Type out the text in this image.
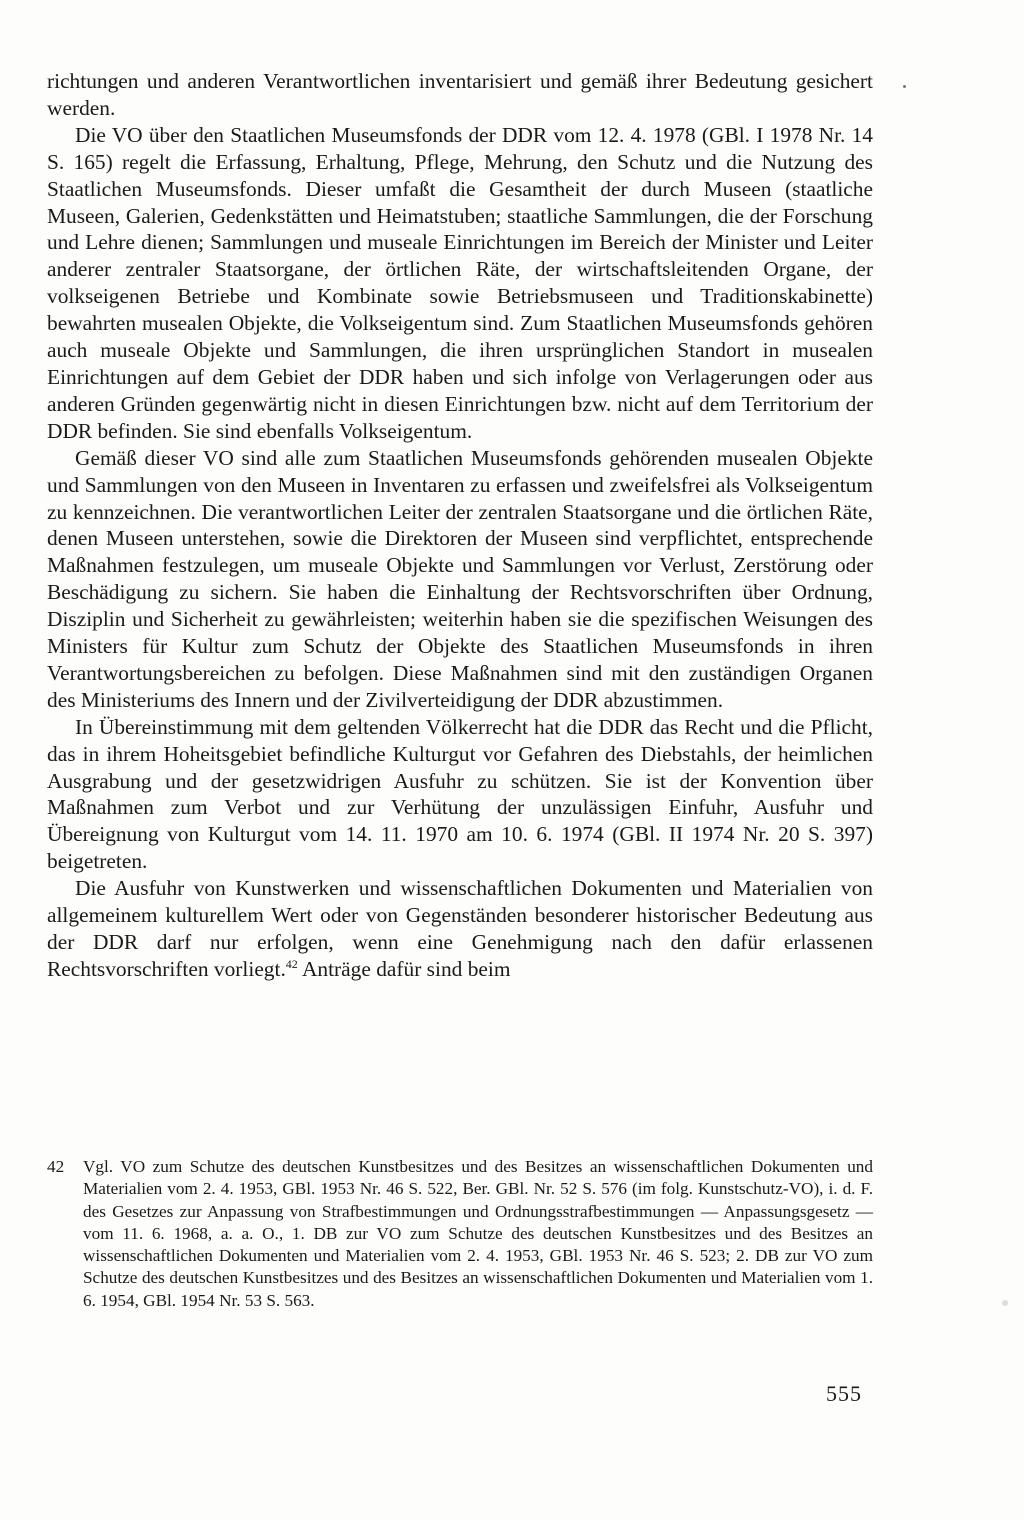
richtungen und anderen Verantwortlichen inventarisiert und gemäß ihrer Bedeutung gesichert werden.

Die VO über den Staatlichen Museumsfonds der DDR vom 12. 4. 1978 (GBl. I 1978 Nr. 14 S. 165) regelt die Erfassung, Erhaltung, Pflege, Mehrung, den Schutz und die Nutzung des Staatlichen Museumsfonds. Dieser umfaßt die Gesamtheit der durch Museen (staatliche Museen, Galerien, Gedenkstätten und Heimatstuben; staatliche Sammlungen, die der Forschung und Lehre dienen; Sammlungen und museale Einrichtungen im Bereich der Minister und Leiter anderer zentraler Staatsorgane, der örtlichen Räte, der wirtschaftsleitenden Organe, der volkseigenen Betriebe und Kombinate sowie Betriebsmuseen und Traditionskabinette) bewahrten musealen Objekte, die Volkseigentum sind. Zum Staatlichen Museumsfonds gehören auch museale Objekte und Sammlungen, die ihren ursprünglichen Standort in musealen Einrichtungen auf dem Gebiet der DDR haben und sich infolge von Verlagerungen oder aus anderen Gründen gegenwärtig nicht in diesen Einrichtungen bzw. nicht auf dem Territorium der DDR befinden. Sie sind ebenfalls Volkseigentum.

Gemäß dieser VO sind alle zum Staatlichen Museumsfonds gehörenden musealen Objekte und Sammlungen von den Museen in Inventaren zu erfassen und zweifelsfrei als Volkseigentum zu kennzeichnen. Die verantwortlichen Leiter der zentralen Staatsorgane und die örtlichen Räte, denen Museen unterstehen, sowie die Direktoren der Museen sind verpflichtet, entsprechende Maßnahmen festzulegen, um museale Objekte und Sammlungen vor Verlust, Zerstörung oder Beschädigung zu sichern. Sie haben die Einhaltung der Rechtsvorschriften über Ordnung, Disziplin und Sicherheit zu gewährleisten; weiterhin haben sie die spezifischen Weisungen des Ministers für Kultur zum Schutz der Objekte des Staatlichen Museumsfonds in ihren Verantwortungsbereichen zu befolgen. Diese Maßnahmen sind mit den zuständigen Organen des Ministeriums des Innern und der Zivilverteidigung der DDR abzustimmen.

In Übereinstimmung mit dem geltenden Völkerrecht hat die DDR das Recht und die Pflicht, das in ihrem Hoheitsgebiet befindliche Kulturgut vor Gefahren des Diebstahls, der heimlichen Ausgrabung und der gesetzwidrigen Ausfuhr zu schützen. Sie ist der Konvention über Maßnahmen zum Verbot und zur Verhütung der unzulässigen Einfuhr, Ausfuhr und Übereignung von Kulturgut vom 14. 11. 1970 am 10. 6. 1974 (GBl. II 1974 Nr. 20 S. 397) beigetreten.

Die Ausfuhr von Kunstwerken und wissenschaftlichen Dokumenten und Materialien von allgemeinem kulturellem Wert oder von Gegenständen besonderer historischer Bedeutung aus der DDR darf nur erfolgen, wenn eine Genehmigung nach den dafür erlassenen Rechtsvorschriften vorliegt.$^{42}$ Anträge dafür sind beim

42 Vgl. VO zum Schutze des deutschen Kunstbesitzes und des Besitzes an wissenschaftlichen Dokumenten und Materialien vom 2. 4. 1953, GBl. 1953 Nr. 46 S. 522, Ber. GBl. Nr. 52 S. 576 (im folg. Kunstschutz-VO), i. d. F. des Gesetzes zur Anpassung von Strafbestimmungen und Ordnungsstrafbestimmungen — Anpassungsgesetz — vom 11. 6. 1968, a. a. O., 1. DB zur VO zum Schutze des deutschen Kunstbesitzes und des Besitzes an wissenschaftlichen Dokumenten und Materialien vom 2. 4. 1953, GBl. 1953 Nr. 46 S. 523; 2. DB zur VO zum Schutze des deutschen Kunstbesitzes und des Besitzes an wissenschaftlichen Dokumenten und Materialien vom 1. 6. 1954, GBl. 1954 Nr. 53 S. 563.
555
